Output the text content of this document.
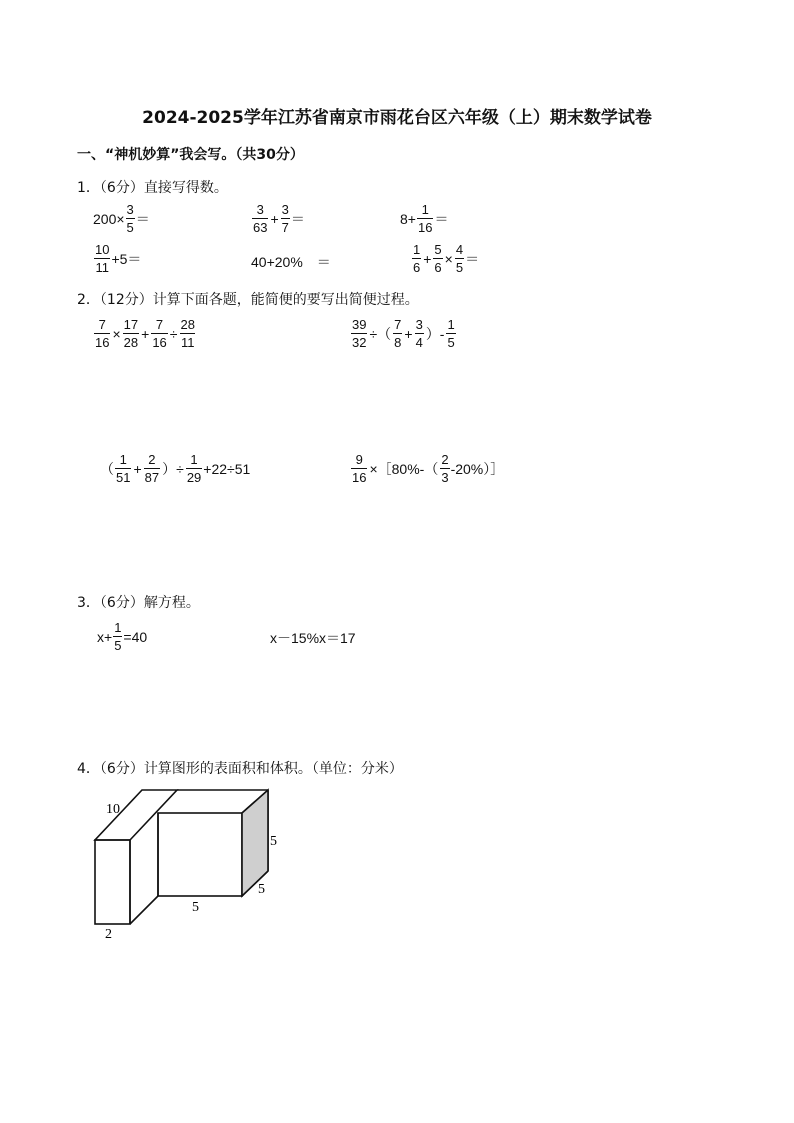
2024-2025学年江苏省南京市雨花台区六年级（上）期末数学试卷
一、“神机妙算”我会写。（共30分）
1．（6分）直接写得数。
$200\times \frac{3}{5}$ ＝	$\frac{3}{63} + \frac{3}{7}$ ＝	$8+ \frac{1}{16}$ ＝
$\frac{10}{11} +5=$	40+20%　＝	$\frac{1}{6} + \frac{5}{6} \times \frac{4}{5}$ ＝
2．（12分）计算下面各题，能简便的要写出简便过程。
$\frac{7}{16} \times \frac{17}{28} + \frac{7}{16} \div \frac{28}{11}$	$\frac{39}{32}$ ÷（ $\frac{7}{8} + \frac{3}{4}$ ）- $\frac{1}{5}$
（ $\frac{1}{51} + \frac{2}{87}$ ）÷ $\frac{1}{29} +22\div 51$	$\frac{9}{16}$ ×［80%-（ $\frac{2}{3}$ -20%）］
3．（6分）解方程。
$x+ \frac{1}{5} =40$	x－15%x＝17
4．（6分）计算图形的表面积和体积。（单位：分米）
10
5
5
5
2
